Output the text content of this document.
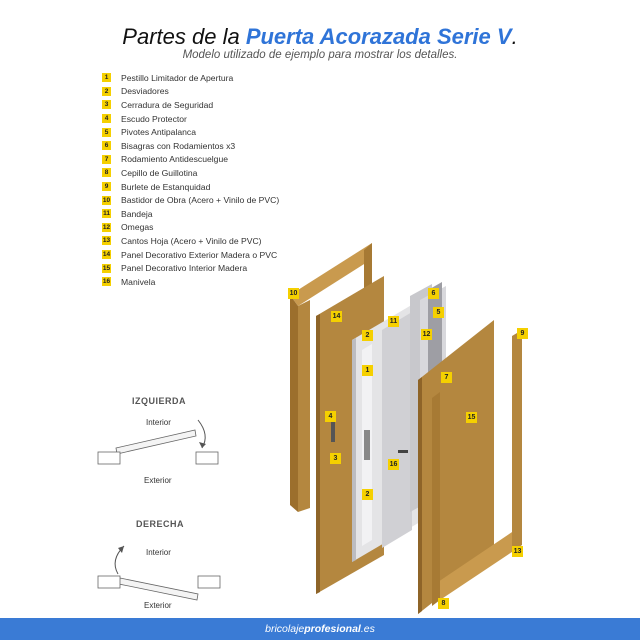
Partes de la Puerta Acorazada Serie V.
Modelo utilizado de ejemplo para mostrar los detalles.
1	Pestillo Limitador de Apertura
2	Desviadores
3	Cerradura de Seguridad
4	Escudo Protector
5	Pivotes Antipalanca
6	Bisagras con Rodamientos x3
7	Rodamiento Antidescuelgue
8	Cepillo de Guillotina
9	Burlete de Estanquidad
10 Bastidor de Obra (Acero + Vinilo de PVC)
11 Bandeja
12 Omegas
13 Cantos Hoja (Acero + Vinilo de PVC)
14 Panel Decorativo Exterior Madera o PVC
15 Panel Decorativo Interior Madera
16 Manivela
10
14
6
5
2
11
12	9
1
7
4	15
3
16
2
13
8
IZQUIERDA
Interior
Exterior
DERECHA
Interior
Exterior
bricolaje profesional .es
